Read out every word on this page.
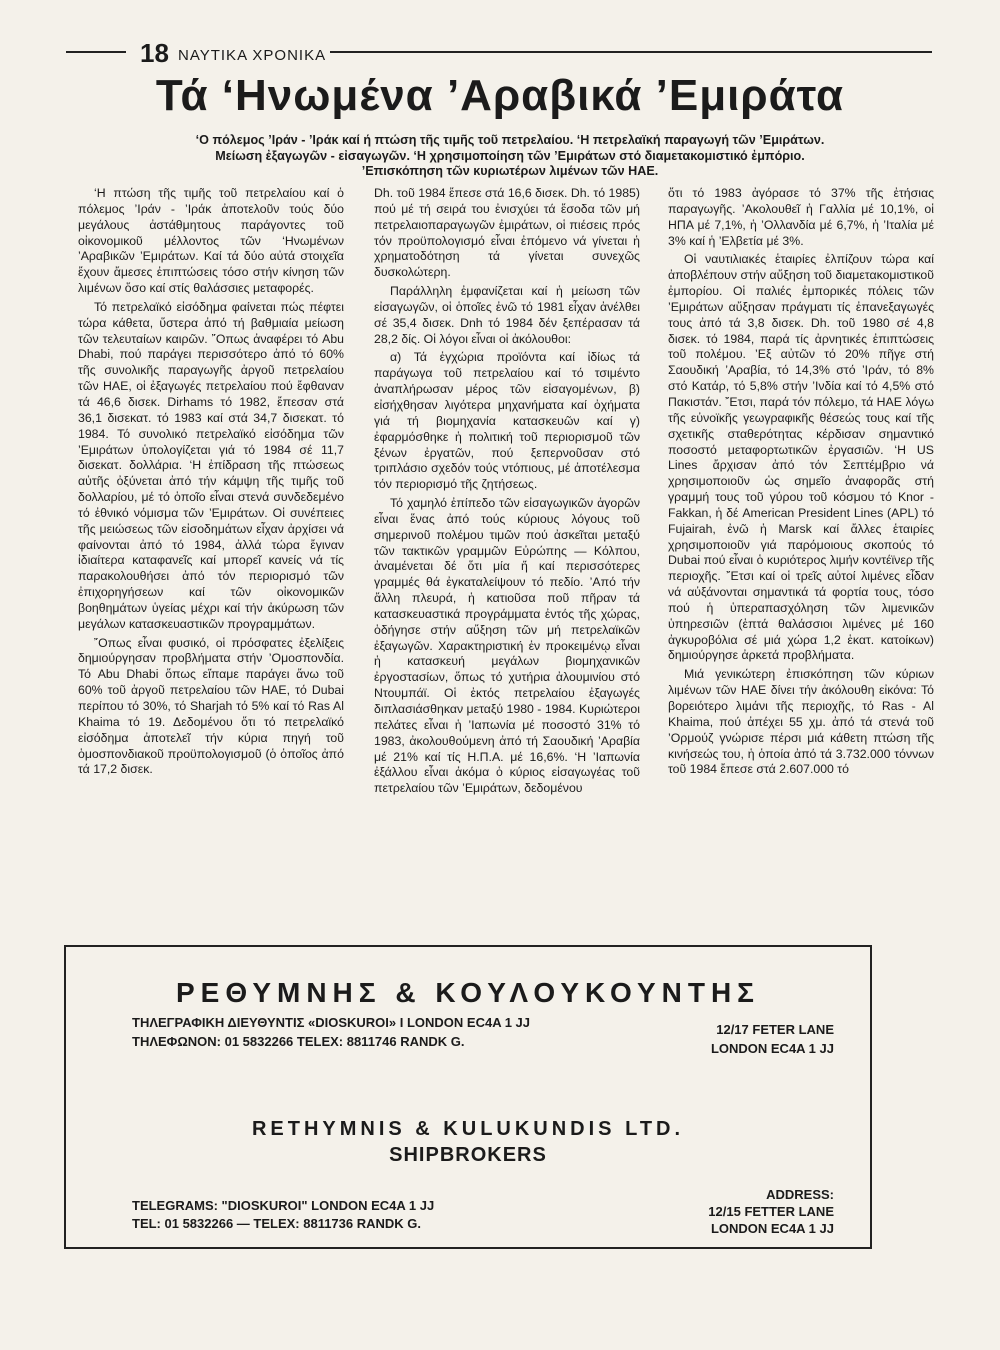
18 ΝΑΥΤΙΚΑ ΧΡΟΝΙΚΑ
Τά ‘Ηνωμένα ’Αραβικά ’Εμιράτα
‘Ο πόλεμος ’Ιράν - ’Ιράκ καί ή πτώση τῆς τιμῆς τοῦ πετρελαίου. ‘Η πετρελαϊκή παραγωγή τῶν ’Εμιράτων. Μείωση ἐξαγωγῶν - εἰσαγωγῶν. ‘Η χρησιμοποίηση τῶν ’Εμιράτων στό διαμετακομιστικό ἐμπόριο. ’Επισκόπηση τῶν κυριωτέρων λιμένων τῶν ΗΑΕ.

‘Η πτώση τῆς τιμῆς τοῦ πετρελαίου καί ὁ πόλεμος ’Ιράν - ’Ιράκ ἀποτελοῦν τούς δύο μεγάλους ἀστάθμητους παράγοντες τοῦ οἰκονομικοῦ μέλλοντος τῶν ‘Ηνωμένων ’Αραβικῶν ’Εμιράτων. Καί τά δύο αὐτά στοιχεῖα ἔχουν ἄμεσες ἐπιπτώσεις τόσο στήν κίνηση τῶν λιμένων ὅσο καί στίς θαλάσσιες μεταφορές.

Τό πετρελαϊκό εἰσόδημα φαίνεται πώς πέφτει τώρα κάθετα, ὕστερα ἀπό τή βαθμιαία μείωση τῶν τελευταίων καιρῶν. ῎Οπως ἀναφέρει τό Abu Dhabi, πού παράγει περισσότερο ἀπό τό 60% τῆς συνολικῆς παραγωγῆς ἀργοῦ πετρελαίου τῶν ΗΑΕ, οἱ ἐξαγωγές πετρελαίου πού ἔφθαναν τά 46,6 δισεκ. Dirhams τό 1982, ἔπεσαν στά 36,1 δισεκατ. τό 1983 καί στά 34,7 δισεκατ. τό 1984. Τό συνολικό πετρελαϊκό εἰσόδημα τῶν ’Εμιράτων ὑπολογίζεται γιά τό 1984 σέ 11,7 δισεκατ. δολλάρια. ‘Η ἐπίδραση τῆς πτώσεως αὐτῆς ὀξύνεται ἀπό τήν κάμψη τῆς τιμῆς τοῦ δολλαρίου, μέ τό ὁποῖο εἶναι στενά συνδεδεμένο τό ἐθνικό νόμισμα τῶν ’Εμιράτων. Οἱ συνέπειες τῆς μειώσεως τῶν εἰσοδημάτων εἶχαν ἀρχίσει νά φαίνονται ἀπό τό 1984, ἀλλά τώρα ἔγιναν ἰδιαίτερα καταφανεῖς καί μπορεῖ κανείς νά τίς παρακολουθήσει ἀπό τόν περιορισμό τῶν ἐπιχορηγήσεων καί τῶν οἰκονομικῶν βοηθημάτων ὑγείας μέχρι καί τήν ἀκύρωση τῶν μεγάλων κατασκευαστικῶν προγραμμάτων.

῎Οπως εἶναι φυσικό, οἱ πρόσφατες ἐξελίξεις δημιούργησαν προβλήματα στήν ’Ομοσπονδία. Τό Abu Dhabi ὅπως εἴπαμε παράγει ἄνω τοῦ 60% τοῦ ἀργοῦ πετρελαίου τῶν ΗΑΕ, τό Dubai περίπου τό 30%, τό Sharjah τό 5% καί τό Ras Al Khaima τό 19. Δεδομένου ὅτι τό πετρελαϊκό εἰσόδημα ἀποτελεῖ τήν κύρια πηγή τοῦ ὁμοσπονδιακοῦ προϋπολογισμοῦ (ὁ ὁποῖος ἀπό τά 17,2 δισεκ.

Dh. τοῦ 1984 ἔπεσε στά 16,6 δισεκ. Dh. τό 1985) πού μέ τή σειρά του ἐνισχύει τά ἔσοδα τῶν μή πετρελαιοπαραγωγῶν ἐμιράτων, οἱ πιέσεις πρός τόν προϋπολογισμό εἶναι ἐπόμενο νά γίνεται ἡ χρηματοδότηση τά γίνεται συνεχῶς δυσκολώτερη.

Παράλληλη ἐμφανίζεται καί ἡ μείωση τῶν εἰσαγωγῶν, οἱ ὁποῖες ἐνῶ τό 1981 εἶχαν ἀνέλθει σέ 35,4 δισεκ. Dnh τό 1984 δέν ξεπέρασαν τά 28,2 δίς. Οἱ λόγοι εἶναι οἱ ἀκόλουθοι:

α) Τά ἐγχώρια προϊόντα καί ἰδίως τά παράγωγα τοῦ πετρελαίου καί τό τσιμέντο ἀναπλήρωσαν μέρος τῶν εἰσαγομένων, β) εἰσήχθησαν λιγότερα μηχανήματα καί ὀχήματα γιά τή βιομηχανία κατασκευῶν καί γ) ἐφαρμόσθηκε ἡ πολιτική τοῦ περιορισμοῦ τῶν ξένων ἐργατῶν, πού ξεπερνοῦσαν στό τριπλάσιο σχεδόν τούς ντόπιους, μέ ἀποτέλεσμα τόν περιορισμό τῆς ζητήσεως.

Τό χαμηλό ἐπίπεδο τῶν εἰσαγωγικῶν ἀγορῶν εἶναι ἕνας ἀπό τούς κύριους λόγους τοῦ σημερινοῦ πολέμου τιμῶν πού ἀσκεῖται μεταξύ τῶν τακτικῶν γραμμῶν Εὐρώπης — Κόλπου, ἀναμένεται δέ ὅτι μία ἤ καί περισσότερες γραμμές θά ἐγκαταλείψουν τό πεδίο. ’Από τήν ἄλλη πλευρά, ἡ κατιοῦσα ποῦ πῆραν τά κατασκευαστικά προγράμματα ἐντός τῆς χώρας, ὁδήγησε στήν αὔξηση τῶν μή πετρελαϊκῶν ἐξαγωγῶν. Χαρακτηριστική ἐν προκειμένῳ εἶναι ἡ κατασκευή μεγάλων βιομηχανικῶν ἐργοστασίων, ὅπως τό χυτήρια ἀλουμινίου στό Ντουμπάϊ. Οἱ ἐκτός πετρελαίου ἐξαγωγές διπλασιάσθηκαν μεταξύ 1980 - 1984. Κυριώτεροι πελάτες εἶναι ἡ ’Ιαπωνία μέ ποσοστό 31% τό 1983, ἀκολουθούμενη ἀπό τή Σαουδική ’Αραβία μέ 21% καί τίς Η.Π.Α. μέ 16,6%. ‘Η ’Ιαπωνία ἐξάλλου εἶναι ἀκόμα ὁ κύριος εἰσαγωγέας τοῦ πετρελαίου τῶν ’Εμιράτων, δεδομένου

ὅτι τό 1983 ἀγόρασε τό 37% τῆς ἐτήσιας παραγωγῆς. ’Ακολουθεῖ ἡ Γαλλία μέ 10,1%, οἱ ΗΠΑ μέ 7,1%, ἡ ’Ολλανδία μέ 6,7%, ἡ ’Ιταλία μέ 3% καί ἡ ’Ελβετία μέ 3%.

Οἱ ναυτιλιακές ἑταιρίες ἐλπίζουν τώρα καί ἀποβλέπουν στήν αὔξηση τοῦ διαμετακομιστικοῦ ἐμπορίου. Οἱ παλιές ἐμπορικές πόλεις τῶν ’Εμιράτων αὔξησαν πράγματι τίς ἐπανεξαγωγές τους ἀπό τά 3,8 δισεκ. Dh. τοῦ 1980 σέ 4,8 δισεκ. τό 1984, παρά τίς ἀρνητικές ἐπιπτώσεις τοῦ πολέμου. ’Εξ αὐτῶν τό 20% πῆγε στή Σαουδική ’Αραβία, τό 14,3% στό ’Ιράν, τό 8% στό Κατάρ, τό 5,8% στήν ’Ινδία καί τό 4,5% στό Πακιστάν. ῎Ετσι, παρά τόν πόλεμο, τά ΗΑΕ λόγω τῆς εὐνοϊκῆς γεωγραφικῆς θέσεώς τους καί τῆς σχετικῆς σταθερότητας κέρδισαν σημαντικό ποσοστό μεταφορτωτικῶν ἐργασιῶν. ‘Η US Lines ἄρχισαν ἀπό τόν Σεπτέμβριο νά χρησιμοποιοῦν ὡς σημεῖο ἀναφορᾶς στή γραμμή τους τοῦ γύρου τοῦ κόσμου τό Knor - Fakkan, ἡ δέ American President Lines (APL) τό Fujairah, ἐνῶ ἡ Marsk καί ἄλλες ἑταιρίες χρησιμοποιοῦν γιά παρόμοιους σκοπούς τό Dubai πού εἶναι ὁ κυριότερος λιμήν κοντέϊνερ τῆς περιοχῆς. ῎Ετσι καί οἱ τρεῖς αὐτοί λιμένες εἶδαν νά αὐξάνονται σημαντικά τά φορτία τους, τόσο πού ἡ ὑπεραπασχόληση τῶν λιμενικῶν ὑπηρεσιῶν (ἑπτά θαλάσσιοι λιμένες μέ 160 ἀγκυροβόλια σέ μιά χώρα 1,2 ἑκατ. κατοίκων) δημιούργησε ἀρκετά προβλήματα.

Μιά γενικώτερη ἐπισκόπηση τῶν κύριων λιμένων τῶν ΗΑΕ δίνει τήν ἀκόλουθη εἰκόνα: Τό βορειότερο λιμάνι τῆς περιοχῆς, τό Ras - Al Khaima, πού ἀπέχει 55 χμ. ἀπό τά στενά τοῦ ’Ορμούζ γνώρισε πέρσι μιά κάθετη πτώση τῆς κινήσεώς του, ἡ ὁποία ἀπό τά 3.732.000 τόννων τοῦ 1984 ἔπεσε στά 2.607.000 τό

ΡΕΘΥΜΝΗΣ & ΚΟΥΛΟΥΚΟΥΝΤΗΣ
ΤΗΛΕΓΡΑΦΙΚΗ ΔΙΕΥΘΥΝΤΙΣ «DIOSKUROI» I LONDON EC4A 1 JJ
ΤΗΛΕΦΩΝΟΝ: 01 5832266 TELEX: 8811746 RANDK G.
12/17 FETER LANE
LONDON EC4A 1 JJ
RETHYMNIS & KULUKUNDIS LTD.
SHIPBROKERS
TELEGRAMS: "DIOSKUROI" LONDON EC4A 1 JJ
TEL: 01 5832266 — TELEX: 8811736 RANDK G.
ADDRESS:
12/15 FETTER LANE
LONDON EC4A 1 JJ
